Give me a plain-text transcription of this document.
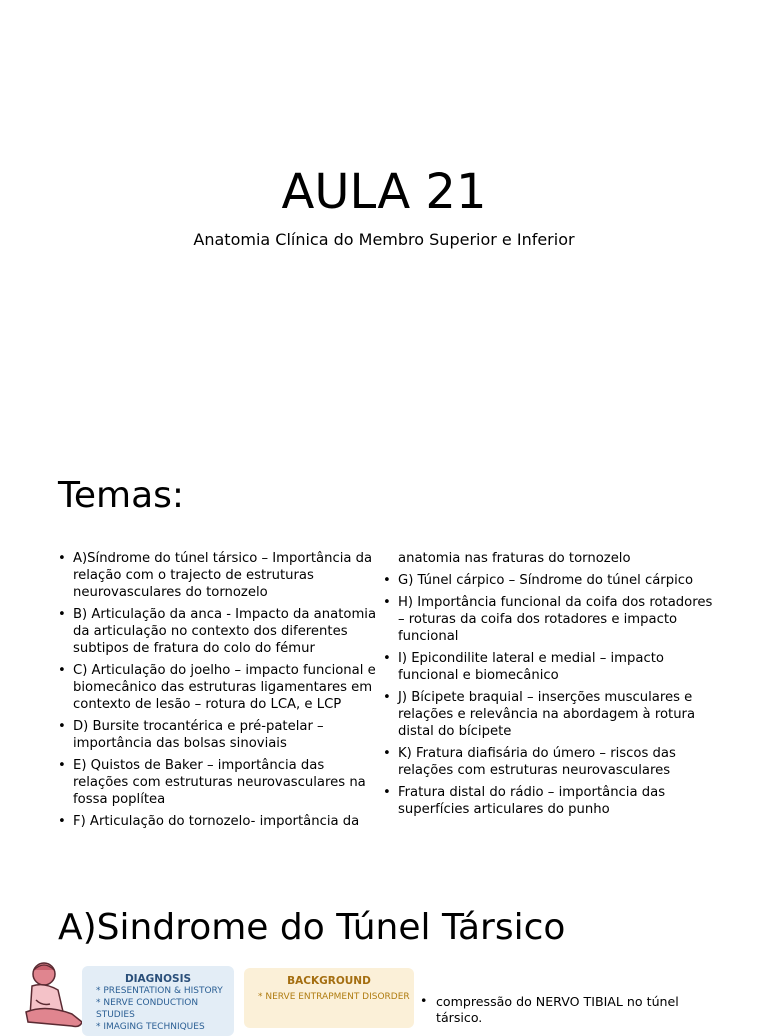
AULA 21
Anatomia Clínica do Membro Superior e Inferior
Temas:
• A)Síndrome do túnel társico – Importância da relação com o trajecto de estruturas neurovasculares do tornozelo
• B) Articulação da anca - Impacto da anatomia da articulação no contexto dos diferentes subtipos de fratura do colo do fémur
• C) Articulação do joelho – impacto funcional e biomecânico das estruturas ligamentares em contexto de lesão – rotura do LCA, e LCP
• D) Bursite trocantérica e pré-patelar – importância das bolsas sinoviais
• E) Quistos de Baker – importância das relações com estruturas neurovasculares na fossa poplítea
• F) Articulação do tornozelo- importância da
anatomia nas fraturas do tornozelo
• G) Túnel cárpico – Síndrome do túnel cárpico
• H) Importância funcional da coifa dos rotadores – roturas da coifa dos rotadores e impacto funcional
• I) Epicondilite lateral e medial – impacto funcional e biomecânico
• J) Bícipete braquial – inserções musculares e relações e relevância na abordagem à rotura distal do bícipete
• K) Fratura diafisária do úmero – riscos das relações com estruturas neurovasculares
• Fratura distal do rádio – importância das superfícies articulares do punho
A)Sindrome do Túnel Társico
DIAGNOSIS
* PRESENTATION & HISTORY
* NERVE CONDUCTION STUDIES
* IMAGING TECHNIQUES
BACKGROUND
* NERVE ENTRAPMENT DISORDER • compressão do NERVO TIBIAL no túnel társico.
